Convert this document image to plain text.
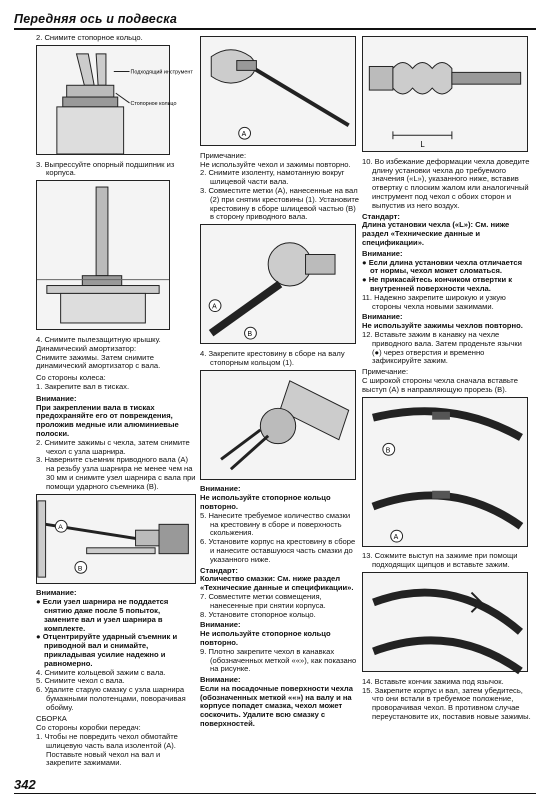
Передняя ось и подвеска
2. Снимите стопорное кольцо.
Подходящий инструмент
Стопорное кольцо
3. Выпрессуйте опорный подшипник из корпуса.
4. Снимите пылезащитную крышку.
Динамический амортизатор:
Снимите зажимы. Затем снимите динамический амортизатор с вала.
Со стороны колеса:
1. Закрепите вал в тисках.
Внимание:
При закреплении вала в тисках предохраняйте его от повреждения, проложив медные или алюминиевые полоски.
2. Снимите зажимы с чехла, затем снимите чехол с узла шарнира.
3. Наверните съемник приводного вала (А) на резьбу узла шарнира не менее чем на 30 мм и снимите узел шарнира с вала при помощи ударного съемника (В).
A
B
Внимание:
● Если узел шарнира не поддается снятию даже после 5 попыток, замените вал и узел шарнира в комплекте.
● Отцентрируйте ударный съемник и приводной вал и снимайте, прикладывая усилие надежно и равномерно.
4. Снимите кольцевой зажим с вала.
5. Снимите чехол с вала.
6. Удалите старую смазку с узла шарнира бумажными полотенцами, поворачивая обойму.
СБОРКА
Со стороны коробки передач:
1. Чтобы не повредить чехол обмотайте шлицевую часть вала изолентой (А). Поставьте новый чехол на вал и закрепите зажимами.
A
Примечание:
Не используйте чехол и зажимы повторно.
2. Снимите изоленту, намотанную вокруг шлицевой части вала.
3. Совместите метки (А), нанесенные на вал (2) при снятии крестовины (1). Установите крестовину в сборе шлицевой частью (В) в сторону приводного вала.
A
B
4. Закрепите крестовину в сборе на валу стопорным кольцом (1).
Внимание:
Не используйте стопорное кольцо повторно.
5. Нанесите требуемое количество смазки на крестовину в сборе и поверхность скольжения.
6. Установите корпус на крестовину в сборе и нанесите оставшуюся часть смазки до указанного ниже.
Стандарт:
Количество смазки: См. ниже раздел «Технические данные и спецификации».
7. Совместите метки совмещения, нанесенные при снятии корпуса.
8. Установите стопорное кольцо.
Внимание:
Не используйте стопорное кольцо повторно.
9. Плотно закрепите чехол в канавках (обозначенных меткой ««»), как показано на рисунке.
Внимание:
Если на посадочные поверхности чехла (обозначенных меткой ««») на валу и на корпусе попадет смазка, чехол может соскочить. Удалите всю смазку с поверхностей.
L
10. Во избежание деформации чехла доведите длину установки чехла до требуемого значения («L»), указанного ниже, вставив отвертку с плоским жалом или аналогичный инструмент под чехол с обоих сторон и выпустив из него воздух.
Стандарт:
Длина установки чехла («L»): См. ниже раздел «Технические данные и спецификации».
Внимание:
● Если длина установки чехла отличается от нормы, чехол может сломаться.
● Не прикасайтесь кончиком отвертки к внутренней поверхности чехла.
11. Надежно закрепите широкую и узкую стороны чехла новыми зажимами.
Внимание:
Не используйте зажимы чехлов повторно.
12. Вставьте зажим в канавку на чехле приводного вала. Затем проденьте язычки (●) через отверстия и временно зафиксируйте зажим.
Примечание:
С широкой стороны чехла сначала вставьте выступ (А) в направляющую прорезь (В).
B
A
13. Сожмите выступ на зажиме при помощи подходящих щипцов и вставьте зажим.
14. Вставьте кончик зажима под язычок.
15. Закрепите корпус и вал, затем убедитесь, что они встали в требуемое положение, проворачивая чехол. В противном случае переустановите их, поставив новые зажимы.
342
